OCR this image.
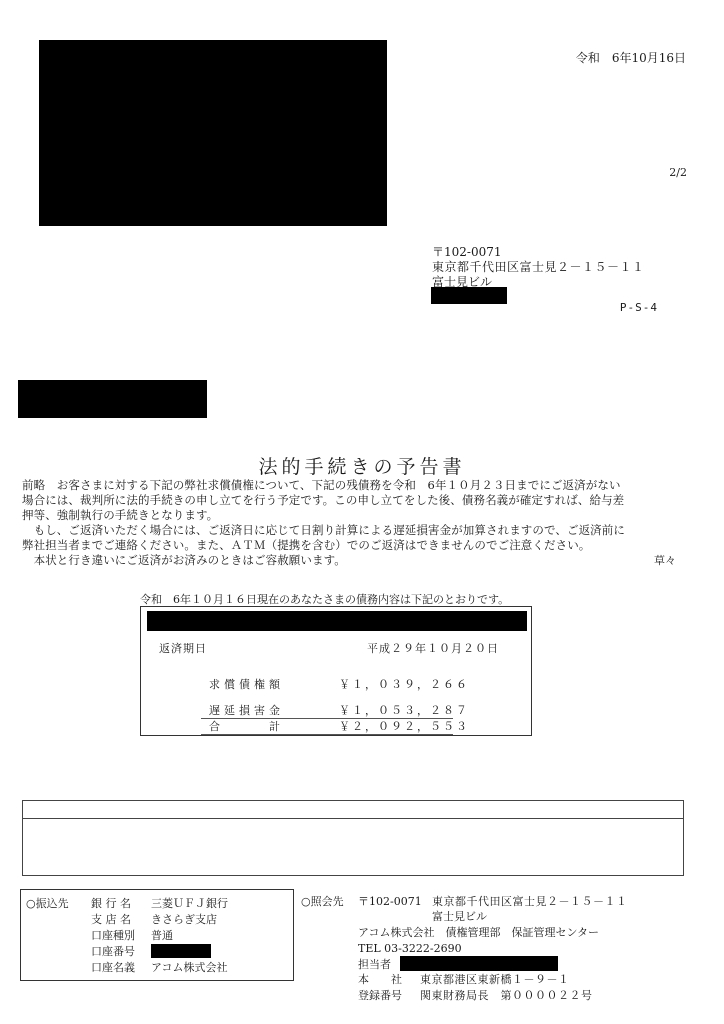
令和　6年10月16日
2/2
〒102-0071
東京都千代田区富士見２－１５－１１
富士見ビル
P-S-4
法的手続きの予告書
前略　お客さまに対する下記の弊社求償債権について、下記の残債務を令和　6年１０月２３日までにご返済がない
場合には、裁判所に法的手続きの申し立てを行う予定です。この申し立てをした後、債務名義が確定すれば、給与差
押等、強制執行の手続きとなります。
　もし、ご返済いただく場合には、ご返済日に応じて日割り計算による遅延損害金が加算されますので、ご返済前に
弊社担当者までご連絡ください。また、ＡＴＭ（提携を含む）でのご返済はできませんのでご注意ください。
　本状と行き違いにご返済がお済みのときはご容赦願います。	草々
令和　6年１０月１６日現在のあなたさまの債務内容は下記のとおりです。
返済期日	平成２９年１０月２０日
求償債権額	￥１，０３９，２６６
遅延損害金	￥１，０５３，２８７
合　　　計	￥２，０９２，５５３
○振込先 銀 行 名 三菱ＵＦＪ銀行
支 店 名 きさらぎ支店
口座種別 普通
口座番号
口座名義 アコム株式会社
○照会先 〒102-0071 東京都千代田区富士見２－１５－１１
富士見ビル
アコム株式会社　債権管理部　保証管理センター
TEL 03-3222-2690
担当者
本　　社 東京都港区東新橋１－９－１
登録番号 関東財務局長　第００００２２号
